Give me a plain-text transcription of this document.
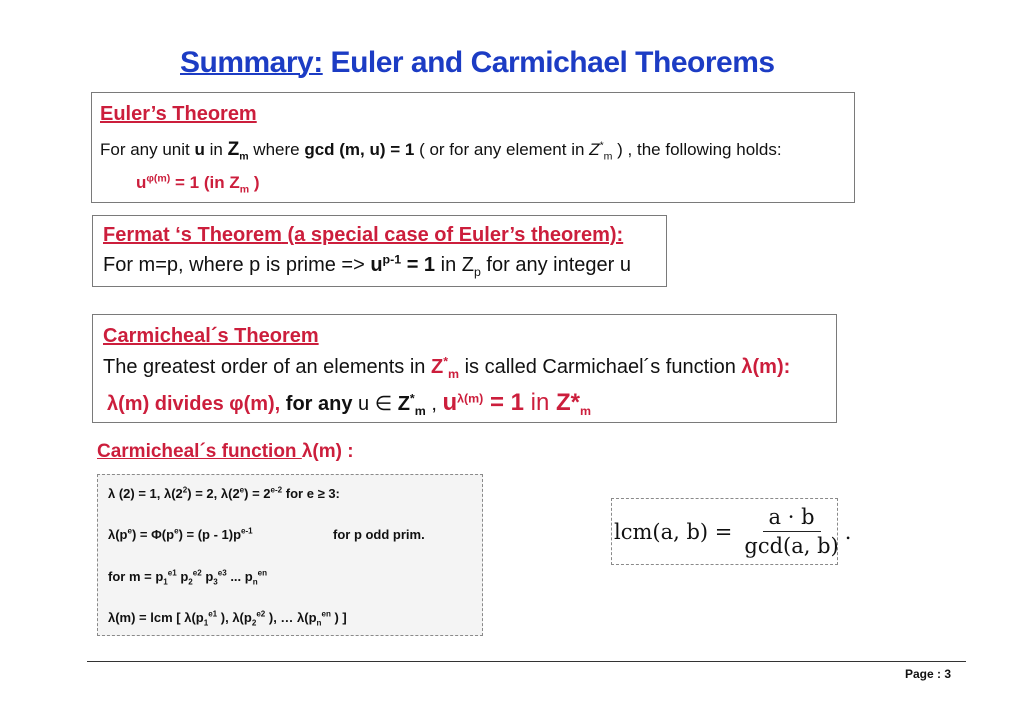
Summary: Euler and Carmichael Theorems
Euler’s Theorem
For any unit u in $Z_m$ where gcd (m, u) = 1 ( or for any element in $Z^*_m$ ) , the following holds:
$u^{\varphi(m)} = 1$ (in $Z_m$ )
Fermat ‘s Theorem (a special case of Euler’s theorem):
For m=p, where p is prime => $u^{p-1} = 1$ in $Z_p$ for any integer u
Carmicheal´s Theorem
The greatest order of an elements in $Z^*_m$ is called Carmichael´s function λ(m):
λ(m) divides φ(m), for any u ∈ $Z^*_m$ , $u^{\lambda(m)} = 1$ in $Z*_m$
Carmicheal´s function λ(m) :
λ (2) = 1, $\lambda(2^2) = 2$, $\lambda(2^e) = 2^{e-2}$ for e ≥ 3:
$\lambda(p^e) = \Phi(p^e) = (p - 1)p^{e-1}$	for p odd prim.
for $m = p_1^{e1}$ $p_2^{e2}$ $p_3^{e3}$ ... $p_n^{en}$
λ(m) = lcm [ $\lambda(p_1^{e1}$ ), $\lambda(p_2^{e2}$ ), … $\lambda(p_n^{en}$ ) ]
lcm(a, $b) = \frac{a \cdot b}{\gcd(a, b)}$ .
Page : 3
